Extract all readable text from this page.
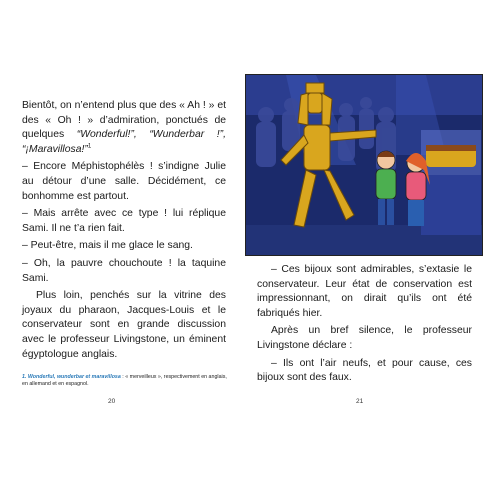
Bientôt, on n’entend plus que des « Ah ! » et des « Oh ! » d’admiration, ponctués de quelques “Wonderful!”, “Wunderbar !”, “¡Maravillosa!”$^1$

– Encore Méphistophélès ! s’indigne Julie au détour d’une salle. Décidément, ce bonhomme est partout.

– Mais arrête avec ce type ! lui réplique Sami. Il ne t’a rien fait.

– Peut-être, mais il me glace le sang.

– Oh, la pauvre chouchoute ! la taquine Sami.

Plus loin, penchés sur la vitrine des joyaux du pharaon, Jacques-Louis et le conservateur sont en grande discussion avec le professeur Livingstone, un éminent égyptologue anglais.

1. Wonderful, wunderbar et maravillosa : « merveilleux », respectivement en anglais, en allemand et en espagnol.
20

– Ces bijoux sont admirables, s’extasie le conservateur. Leur état de conservation est impressionnant, on dirait qu’ils ont été fabriqués hier.

Après un bref silence, le professeur Livingstone déclare :

– Ils ont l’air neufs, et pour cause, ces bijoux sont des faux.

21
